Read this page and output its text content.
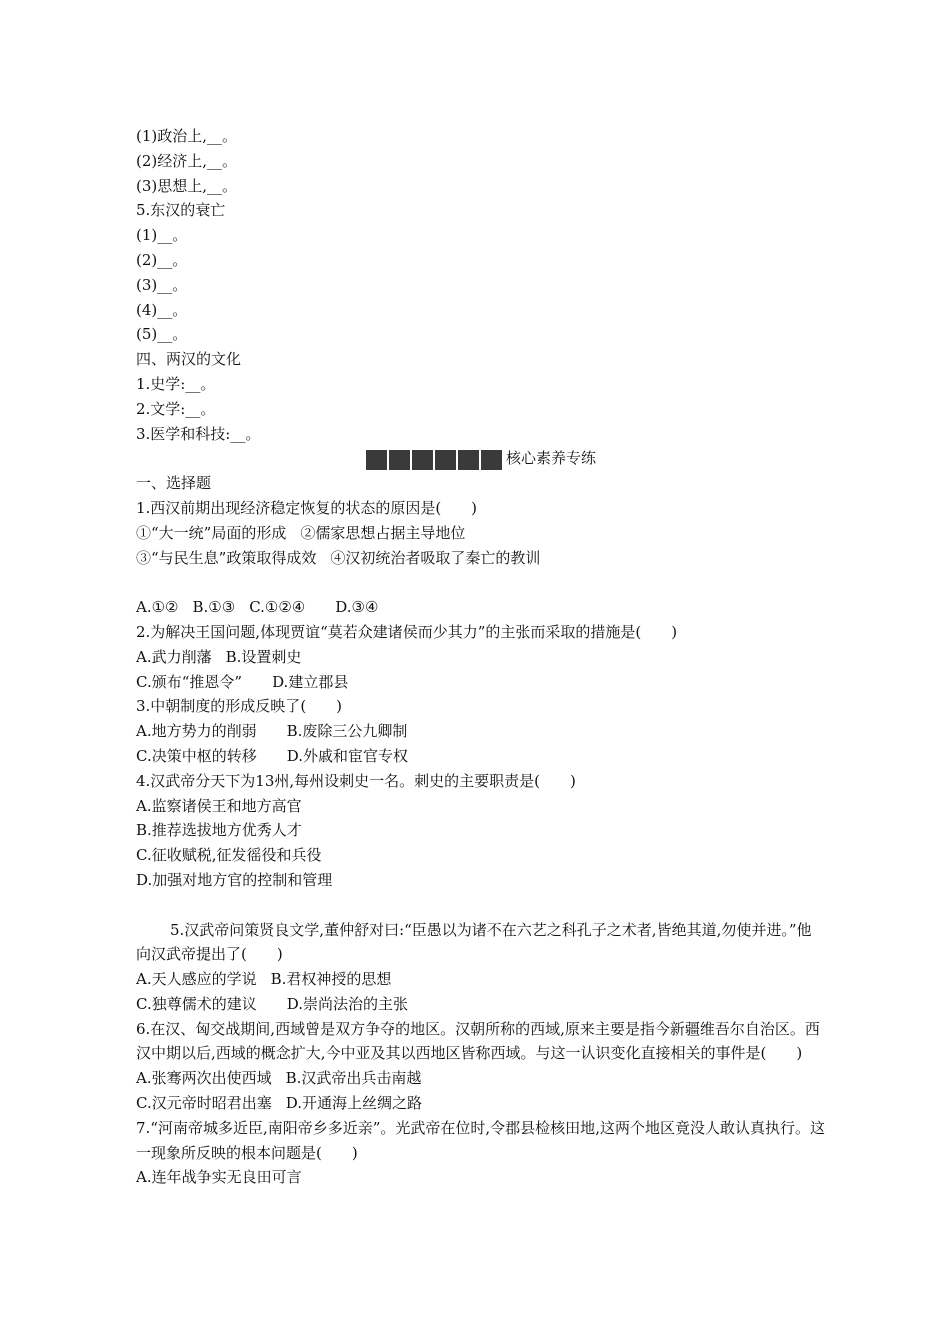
(1)政治上,__。
(2)经济上,__。
(3)思想上,__。
5.东汉的衰亡
(1)__。
(2)__。
(3)__。
(4)__。
(5)__。
四、两汉的文化
1.史学:__。
2.文学:__。
3.医学和科技:__。
核心素养专练
一、选择题
1.西汉前期出现经济稳定恢复的状态的原因是(　　)
①“大一统”局面的形成 ②儒家思想占据主导地位
③“与民生息”政策取得成效 ④汉初统治者吸取了秦亡的教训
A.①② B.①③ C.①②④ D.③④
2.为解决王国问题,体现贾谊“莫若众建诸侯而少其力”的主张而采取的措施是(　　)
A.武力削藩 B.设置刺史
C.颁布“推恩令” D.建立郡县
3.中朝制度的形成反映了(　　)
A.地方势力的削弱 B.废除三公九卿制
C.决策中枢的转移 D.外戚和宦官专权
4.汉武帝分天下为13州,每州设刺史一名。刺史的主要职责是(　　)
A.监察诸侯王和地方高官
B.推荐选拔地方优秀人才
C.征收赋税,征发徭役和兵役
D.加强对地方官的控制和管理
5.汉武帝问策贤良文学,董仲舒对曰:“臣愚以为诸不在六艺之科孔子之术者,皆绝其道,勿使并进。”他向汉武帝提出了(　　)
A.天人感应的学说 B.君权神授的思想
C.独尊儒术的建议 D.崇尚法治的主张
6.在汉、匈交战期间,西域曾是双方争夺的地区。汉朝所称的西域,原来主要是指今新疆维吾尔自治区。西汉中期以后,西域的概念扩大,今中亚及其以西地区皆称西域。与这一认识变化直接相关的事件是(　　)
A.张骞两次出使西域 B.汉武帝出兵击南越
C.汉元帝时昭君出塞 D.开通海上丝绸之路
7.“河南帝城多近臣,南阳帝乡多近亲”。光武帝在位时,令郡县检核田地,这两个地区竟没人敢认真执行。这一现象所反映的根本问题是(　　)
A.连年战争实无良田可言
